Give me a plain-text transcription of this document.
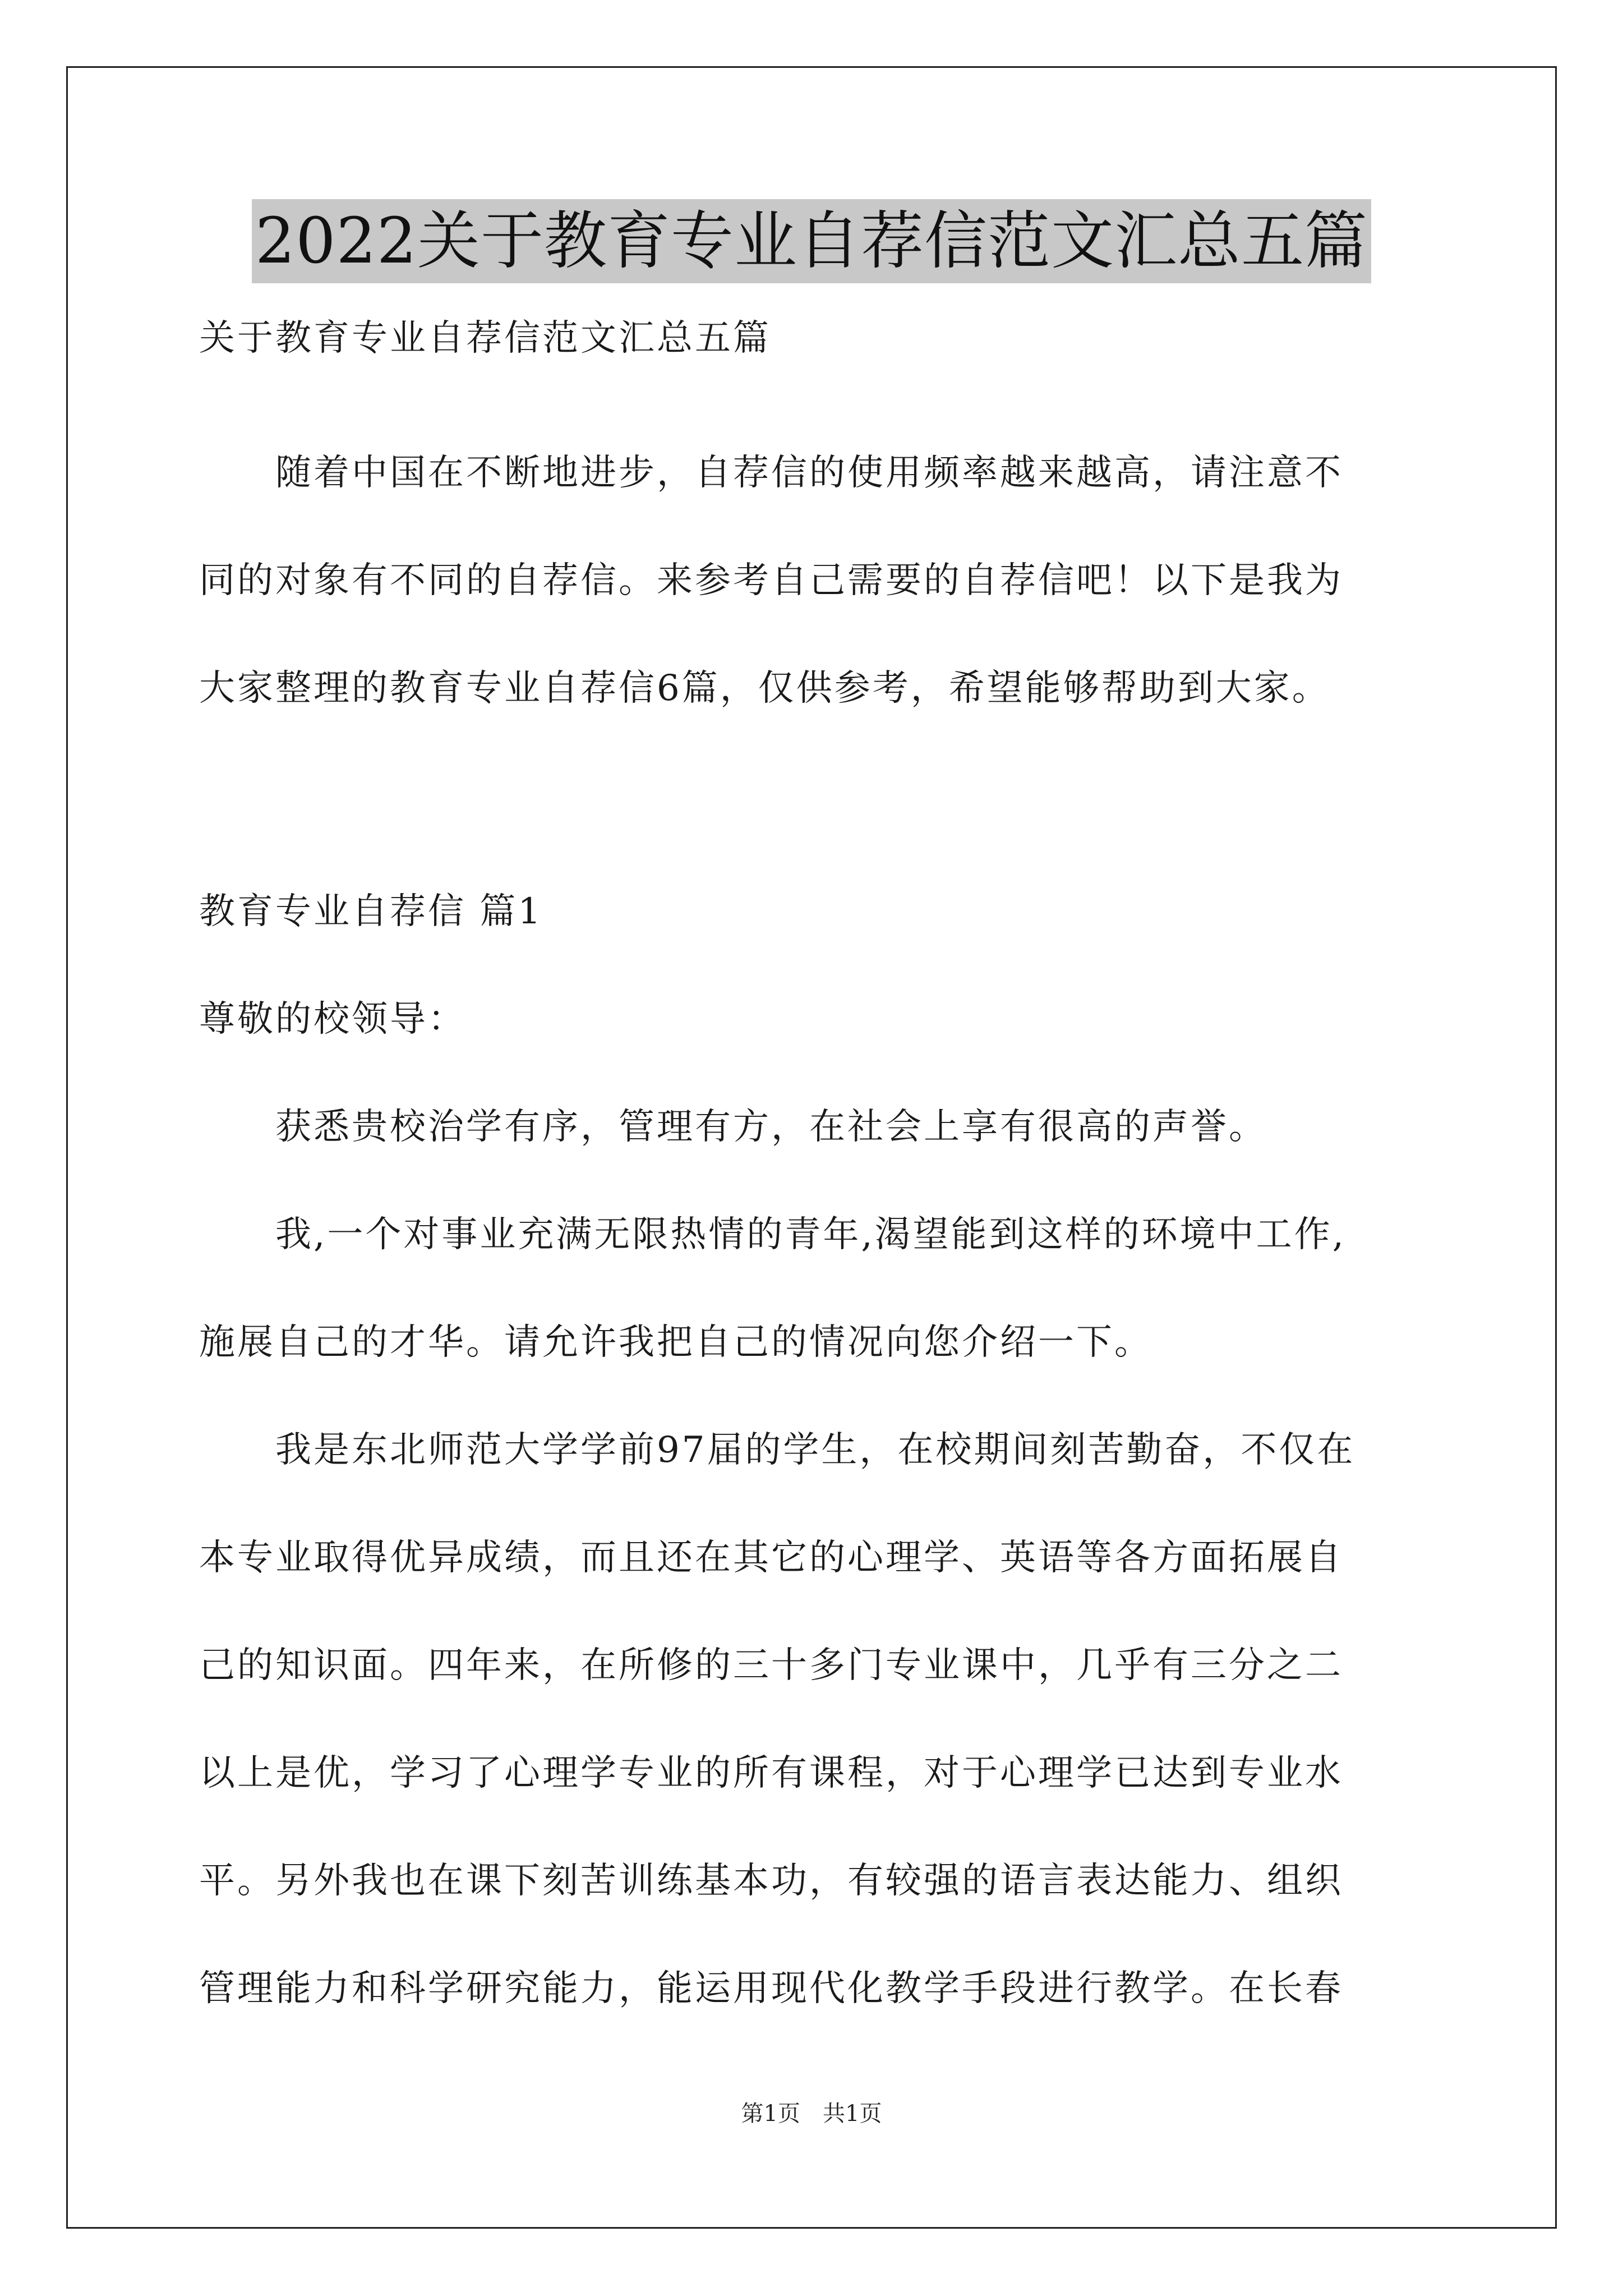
2022关于教育专业自荐信范文汇总五篇
关于教育专业自荐信范文汇总五篇
　　随着中国在不断地进步，自荐信的使用频率越来越高，请注意不
同的对象有不同的自荐信。来参考自己需要的自荐信吧！以下是我为
大家整理的教育专业自荐信6篇，仅供参考，希望能够帮助到大家。
教育专业自荐信 篇1
尊敬的校领导：
　　获悉贵校治学有序，管理有方，在社会上享有很高的声誉。
　　我,一个对事业充满无限热情的青年,渴望能到这样的环境中工作,
施展自己的才华。请允许我把自己的情况向您介绍一下。
　　我是东北师范大学学前97届的学生，在校期间刻苦勤奋，不仅在
本专业取得优异成绩，而且还在其它的心理学、英语等各方面拓展自
己的知识面。四年来，在所修的三十多门专业课中，几乎有三分之二
以上是优，学习了心理学专业的所有课程，对于心理学已达到专业水
平。另外我也在课下刻苦训练基本功，有较强的语言表达能力、组织
管理能力和科学研究能力，能运用现代化教学手段进行教学。在长春
第1页　共1页
